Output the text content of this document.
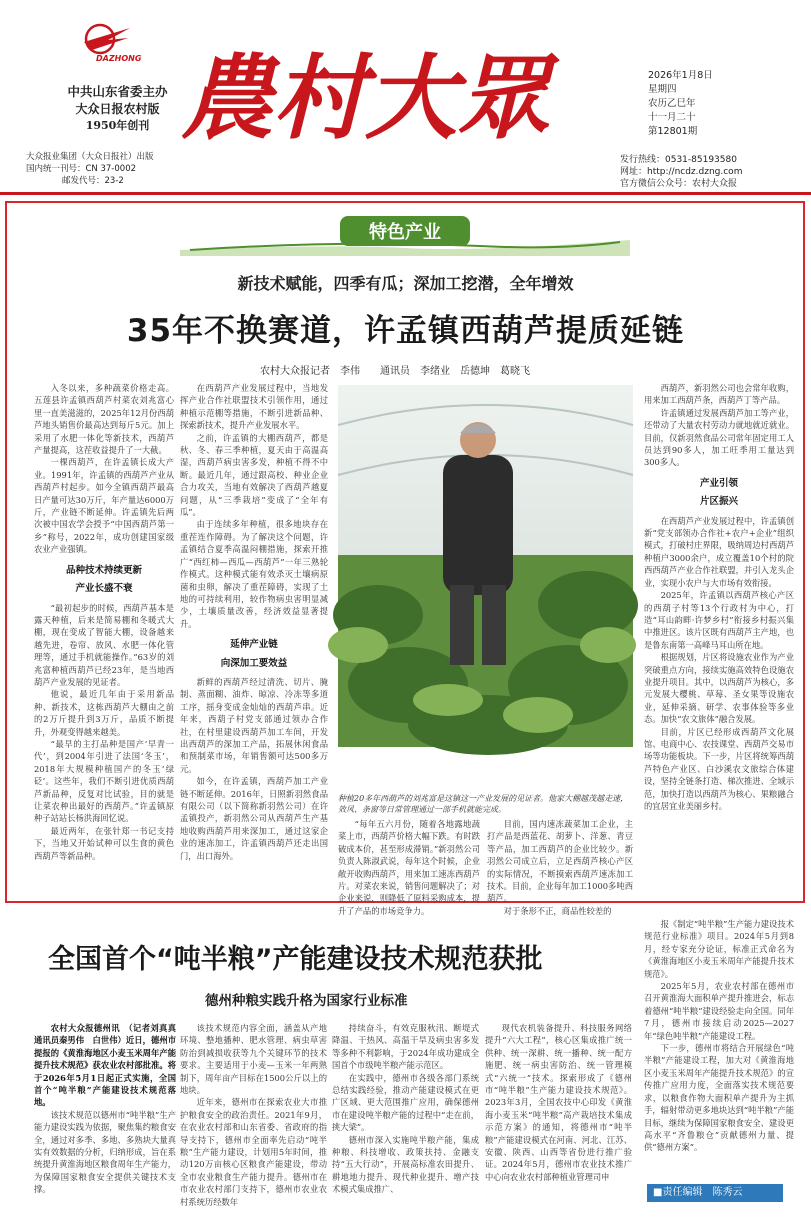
DAZHONG
中共山东省委主办
大众日报农村版
1950年创刊
大众报业集团（大众日报社）出版
国内统一刊号：CN 37-0002
邮发代号：23-2
農村大眾	2026年1月8日
星期四
农历乙巳年
十一月二十
第12801期
发行热线：0531-85193580
网址：http://ncdz.dzng.com
官方微信公众号：农村大众报
特色产业
新技术赋能，四季有瓜；深加工挖潜，全年增效
35年不换赛道，许孟镇西葫芦提质延链
农村大众报记者　李伟　　通讯员　李绪业　岳德坤　葛晓飞

入冬以来，多种蔬菜价格走高。五莲县许孟镇西葫芦村菜农刘兆富心里一直美滋滋的，2025年12月份西葫芦地头销售价最高达到每斤5元。加上采用了水肥一体化等新技术，西葫芦产量提高，这茬收益提升了一大截。

一棵西葫芦，在许孟镇长成大产业。1991年，许孟镇的西葫芦产业从西葫芦村起步。如今全镇西葫芦最高日产量可达30万斤，年产量达6000万斤，产业链不断延伸。许孟镇先后两次被中国农学会授予“中国西葫芦第一乡”称号，2022年，成功创建国家级农业产业强镇。

品种技术持续更新

产业长盛不衰

“最初起步的时候，西葫芦基本是露天种植，后来是简易棚和冬暖式大棚，现在变成了智能大棚，设备越来越先进，卷帘、放风、水肥一体化管理等，通过手机就能操作。”63岁的刘兆富种植西葫芦已经23年，是当地西葫芦产业发展的见证者。

他说，最近几年由于采用新品种、新技术，这栋西葫芦大棚由之前的2万斤提升到3万斤，品质不断提升，外观变得越来越美。

“最早的主打品种是国产‘早青一代’，到2004年引进了法国‘冬玉’，2018年大规模种植国产的冬玉‘绿砭’。这些年，我们不断引进优质西葫芦新品种，反复对比试验，目的就是让菜农种出最好的西葫芦。”许孟镇原种子站站长杨洪海回忆说。

最近两年，在张针郑一书记支持下，当地又开始试种可以生食的黄色西葫芦等新品种。

在西葫芦产业发展过程中，当地发挥产业合作社联盟技术引领作用，通过种植示范棚等措施，不断引进新品种、探索新技术，提升产业发展水平。

之前，许孟镇的大棚西葫芦，都是秋、冬、春三季种植，夏天由于高温高湿，西葫芦病虫害多发，种植不得不中断。最近几年，通过跟高校、种业企业合力攻关，当地有效解决了西葫芦越夏问题，从“三季栽培”变成了“全年有瓜”。

由于连续多年种植，很多地块存在重茬连作障碍。为了解决这个问题，许孟镇结合夏季高温闷棚措施，探索开推广“西红柿—西瓜—西葫芦”一年三熟轮作模式。这种模式能有效杀灭土壤病原菌和虫卵，解决了重茬障碍，实现了土地的可持续利用，较作物病虫害明显减少，土壤质量改善，经济效益显著提升。

延伸产业链

向深加工要效益

新鲜的西葫芦经过清洗、切片、腌制、蒸面糊、油炸、晾凉、冷冻等多道工序，摇身变成金灿灿的西葫芦串。近年来，西葫子村党支部通过领办合作社，在村里建设西葫芦加工车间，开发出西葫芦的深加工产品，拓展休闲食品和预制菜市场，年销售额可达500多万元。

如今，在许孟镇，西葫芦加工产业链不断延伸。2016年，日照新羽然食品有限公司（以下简称新羽然公司）在许孟镇投产，新羽然公司从西葫芦生产基地收购西葫芦用来深加工，通过这家企业的速冻加工，许孟镇西葫芦还走出国门，出口海外。

种植20多年西葫芦的刘兆富是这镇这一产业发展的见证者。他家大棚越茂越走速，效风、条窗等日常管理通过一部手机就能完成。

“每年五六月份，随着各地露地蔬菜上市，西葫芦价格大幅下跌。有时跌破成本价，甚至形成滞销。”新羽然公司负责人陈淑武说，每年这个时候，企业敞开收购西葫芦，用来加工速冻西葫芦片。对菜农来说，销售问题解决了；对企业来说，则降低了原料采购成本，提升了产品的市场竞争力。

目前，国内速冻蔬菜加工企业，主打产品是西蓝花、胡萝卜、洋葱、青豆等产品，加工西葫芦的企业比较少。新羽然公司成立后，立足西葫芦核心产区的实际情况，不断摸索西葫芦速冻加工技术。目前，企业每年加工1000多吨西葫芦。

对于条形不正，商品性较差的

西葫芦，新羽然公司也会常年收购，用来加工西葫芦条，西葫芦丁等产品。

许孟镇通过发展西葫芦加工等产业，还带动了大量农村劳动力就地就近就业。目前，仅新羽然食品公司常年固定用工人员达到90多人，加工旺季用工量达到300多人。

产业引领

片区振兴

在西葫芦产业发展过程中，许孟镇创新“党支部领办合作社+农户+企业”组织模式，打破村庄界限，吸纳周边村西葫芦种植户3000余户，成立覆盖10个村的院西西葫芦产业合作社联盟，并引入龙头企业，实现小农户与大市场有效衔接。

2025年，许孟镇以西葫芦核心产区的西葫子村等13个行政村为中心，打造“耳山韵畔·许梦乡村”衔接乡村振兴集中推进区。该片区既有西葫芦主产地，也是鲁东南第一高峰马耳山所在地。

根据规划，片区将设施农业作为产业突破重点方向，接续实施高效特色设施农业提升项目。其中，以西葫芦为核心，多元发展大樱桃、草莓、圣女果等设施农业，延伸采摘、研学、农事体验等多业态。加快“农文旅体”融合发展。

目前，片区已经形成西葫芦文化展馆、电商中心、农技课堂、西葫芦交易市场等功能板块。下一步，片区将统筹西葫芦特色产业区、白沙溪农文旅综合体建设，坚持全链条打造、梯次推进、全域示范，加快打造以西葫芦为核心、果粮融合的宜居宜业美丽乡村。

全国首个“吨半粮”产能建设技术规范获批
德州种粮实践升格为国家行业标准

农村大众报德州讯　（记者刘真真　通讯员秦男伟　白世伟）近日，德州市提报的《黄淮海地区小麦玉米周年产能提升技术规范》获农业农村部批准。将于2026年5月1日起正式实施，全国首个“吨半粮”产能建设技术规范落地。

该技术规范以德州市“吨半粮”生产能力建设实践为依据，聚焦集约粮食安全，通过对多季、多地、多熟块大量真实有效数据的分析，归纳形成，旨在系统提升黄淮海地区粮食周年生产能力，为保障国家粮食安全提供关键技术支撑。

该技术规范内容全面，涵盖从产地环境、整地播种、肥水管理、病虫草害防治到减损收获等九个关键环节的技术要求。主要适用于小麦—玉米一年两熟制下，周年亩产目标在1500公斤以上的地块。

近年来，德州市在探索农业大市推护粮食安全的政治责任。2021年9月，在农业农村部和山东省委、省政府的指导支持下，德州市全面率先启动“吨半粮”生产能力建设，计划用5年时间，推动120万亩核心区粮食产能建设，带动全市农业粮食生产能力提升。德州市在市农业农村部门支持下，德州市农业农村系统历经数年

持续奋斗，有效克服秋汛、断堤式降温、干热风、高温干旱及病虫害多发等多种不利影响，于2024年成功建成全国首个市级吨半粮产能示范区。

在实践中，德州市各级各部门系统总结实践经验，推动产能建设模式在更广区域、更大范围推广应用，确保德州市在建设吨半粮产能的过程中“走在前，挑大梁”。

德州市深入实施吨半粮产能，集成种粮、科技增收、政策扶持、金融支持“五大行动”，开展高标准农田提升、耕地地力提升、现代种业提升、增产技术模式集成推广、

现代农机装备提升、科技服务网络提升“六大工程”，核心区集成推广统一供种、统一深耕、统一播种、统一配方施肥、统一病虫害防治、统一管理模式“六统一”技术。探索形成了《德州市“吨半粮”生产能力建设技术规范》。2023年3月，全国农技中心印发《黄淮海小麦玉米“吨半粮”高产栽培技术集成示范方案》的通知，将德州市“吨半粮”产能建设模式在河南、河北、江苏、安徽、陕西、山西等省份进行推广验证。2024年5月，德州市农业技术推广中心向农业农村部种植业管理司申

报《制定“吨半粮”生产能力建设技术规范行业标准》项目。2024年5月到8月，经专家充分论证，标准正式命名为《黄淮海地区小麦玉米周年产能提升技术规范》。

2025年5月，农业农村部在德州市召开黄淮海大面积单产提升推进会，标志着德州“吨半粮”建设经验走向全国。同年7月，德州市接续启动2025—2027年“绿色吨半粮”产能建设工程。

下一步，德州市将结合开展绿色“吨半粮”产能建设工程，加大对《黄淮海地区小麦玉米周年产能提升技术规范》的宣传推广应用力度，全面落实技术规范要求，以粮食作物大面积单产提升为主抓手，辐射带动更多地块达到“吨半粮”产能目标，继续为保障国家粮食安全、建设更高水平“齐鲁粮仓”贡献德州力量、提供“德州方案”。

■责任编辑　陈秀云
